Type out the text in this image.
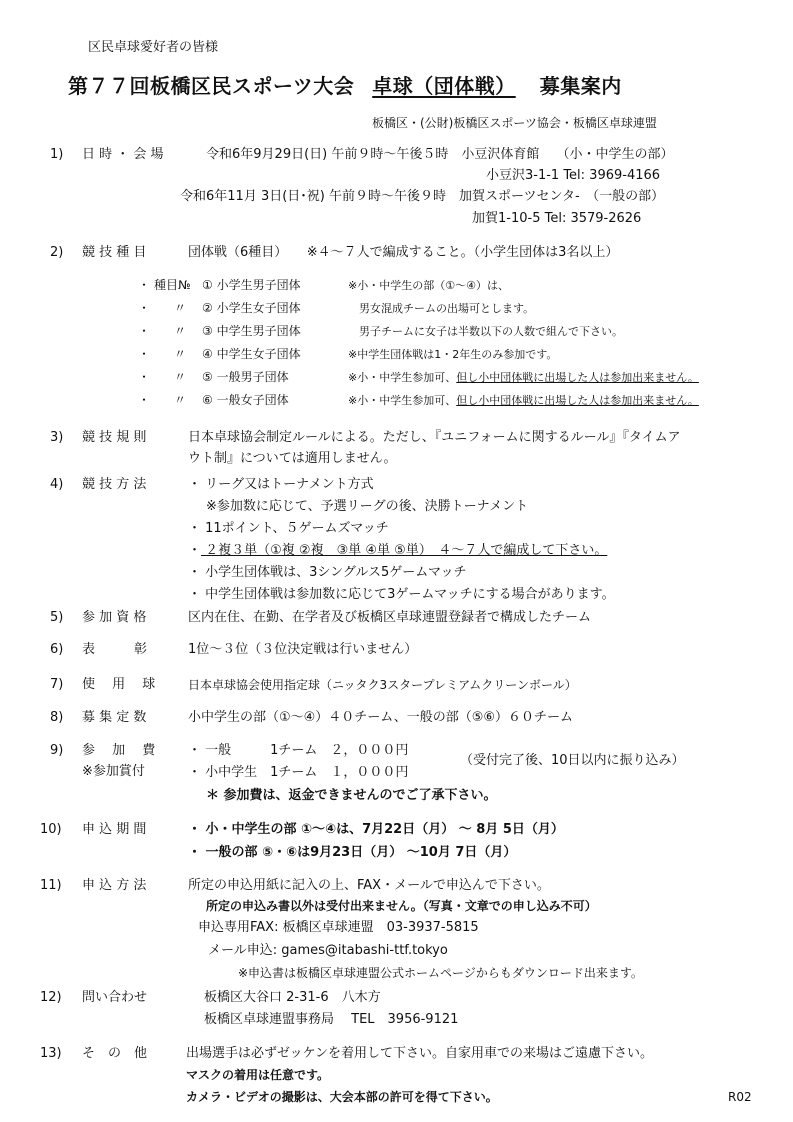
区民卓球愛好者の皆様
第７７回板橋区民スポーツ大会 卓球（団体戦） 募集案内
板橋区・(公財)板橋区スポーツ協会・板橋区卓球連盟
1) 日 時 ・ 会 場	令和6年9月29日(日) 午前９時～午後５時　小豆沢体育館　 （小・中学生の部）
小豆沢3-1-1 Tel: 3969-4166
令和6年11月 3日(日･祝) 午前９時～午後９時　加賀スポーツセンタ-　（一般の部）
加賀1-10-5 Tel: 3579-2626
2) 競 技 種 目	団体戦（6種目）　　※４～７人で編成すること。（小学生団体は3名以上）
・ 種目№ ① 小学生男子団体	※小・中学生の部（①～④）は、
・ 〃 ② 小学生女子団体	　男女混成チームの出場可とします。
・ 〃 ③ 中学生男子団体	　男子チームに女子は半数以下の人数で組んで下さい。
・ 〃 ④ 中学生女子団体	※中学生団体戦は1・2年生のみ参加です。
・ 〃 ⑤ 一般男子団体	※小・中学生参加可、但し小中団体戦に出場した人は参加出来ません。
・ 〃 ⑥ 一般女子団体	※小・中学生参加可、但し小中団体戦に出場した人は参加出来ません。
3) 競 技 規 則	日本卓球協会制定ルールによる。ただし、『ユニフォームに関するルール』『タイムア
ウト制』については適用しません。
4) 競 技 方 法	・ リーグ又はトーナメント方式
※参加数に応じて、予選リーグの後、決勝トーナメント
・ 11ポイント、５ゲームズマッチ
・ ２複３単（①複 ②複　③単 ④単 ⑤単）　４～７人で編成して下さい。
・ 小学生団体戦は、3シングルス5ゲームマッチ
・ 中学生団体戦は参加数に応じて3ゲームマッチにする場合があります。
5) 参 加 資 格	区内在住、在勤、在学者及び板橋区卓球連盟登録者で構成したチーム
6) 表　　　彰	1位～３位（３位決定戦は行いません）
7) 使　 用　 球	日本卓球協会使用指定球（ニッタク3スタープレミアムクリーンボール）
8) 募 集 定 数	小中学生の部（①～④）４０チーム、一般の部（⑤⑥）６０チーム
9) 参　 加　 費
※参加賞付
・ 一般　　　1チーム　２，０００円
・ 小中学生　1チーム　１，０００円
（受付完了後、10日以内に振り込み）
＊ 参加費は、返金できませんのでご了承下さい。
10) 申 込 期 間	・ 小・中学生の部 ①～④は、7月22日（月） ～ 8月 5日（月）
・ 一般の部 ⑤・⑥は9月23日（月） ～10月 7日（月）
11) 申 込 方 法	所定の申込用紙に記入の上、FAX・メールで申込んで下さい。
所定の申込み書以外は受付出来ません。（写真・文章での申し込み不可）
申込専用FAX: 板橋区卓球連盟　03-3937-5815
メール申込: games@itabashi-ttf.tokyo
※申込書は板橋区卓球連盟公式ホームページからもダウンロード出来ます。
12) 問い合わせ	板橋区大谷口 2-31-6　八木方
板橋区卓球連盟事務局　 TEL　3956-9121
13) そ　の　他	出場選手は必ずゼッケンを着用して下さい。自家用車での来場はご遠慮下さい。
マスクの着用は任意です。
カメラ・ビデオの撮影は、大会本部の許可を得て下さい。	R02
